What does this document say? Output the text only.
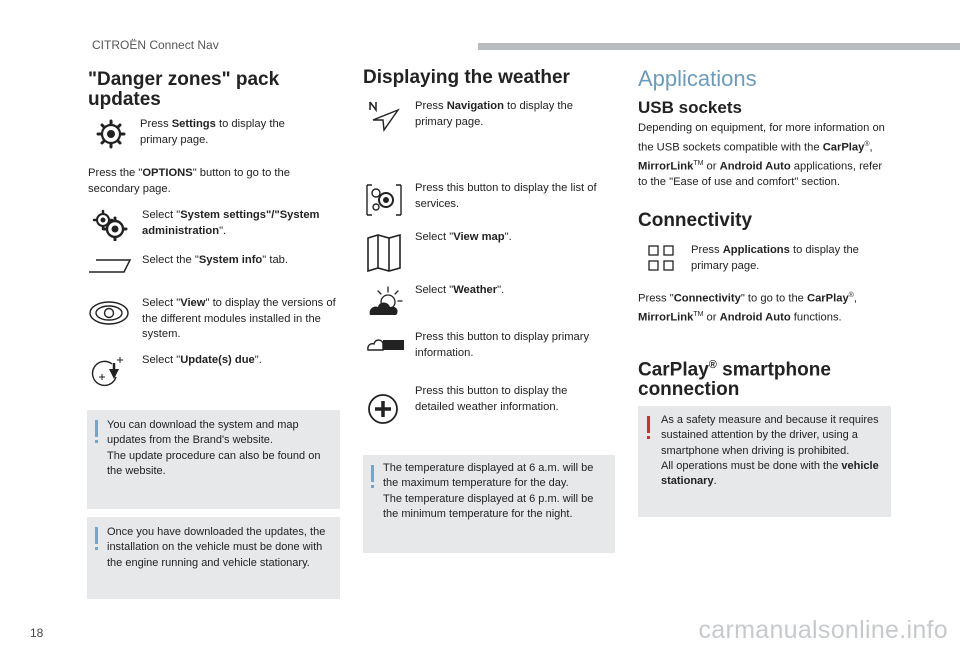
CITROËN Connect Nav
"Danger zones" pack
updates
Press Settings to display the primary page.
Press the "OPTIONS" button to go to the secondary page.
Select "System settings"/"System administration".
Select the "System info" tab.
Select "View" to display the versions of the different modules installed in the system.
Select "Update(s) due".
You can download the system and map updates from the Brand's website.
The update procedure can also be found on the website.
Once you have downloaded the updates, the installation on the vehicle must be done with the engine running and vehicle stationary.
Displaying the weather
Press Navigation to display the primary page.
Press this button to display the list of services.
Select "View map".
Select "Weather".
Press this button to display primary information.
Press this button to display the detailed weather information.
The temperature displayed at 6 a.m. will be the maximum temperature for the day.
The temperature displayed at 6 p.m. will be the minimum temperature for the night.
Applications
USB sockets
Depending on equipment, for more information on the USB sockets compatible with the CarPlay®, MirrorLink™ or Android Auto applications, refer to the "Ease of use and comfort" section.
Connectivity
Press Applications to display the primary page.
Press "Connectivity" to go to the CarPlay®, MirrorLink™ or Android Auto functions.
CarPlay® smartphone
connection
As a safety measure and because it requires sustained attention by the driver, using a smartphone when driving is prohibited.
All operations must be done with the vehicle stationary.
18	carmanualsonline.info
